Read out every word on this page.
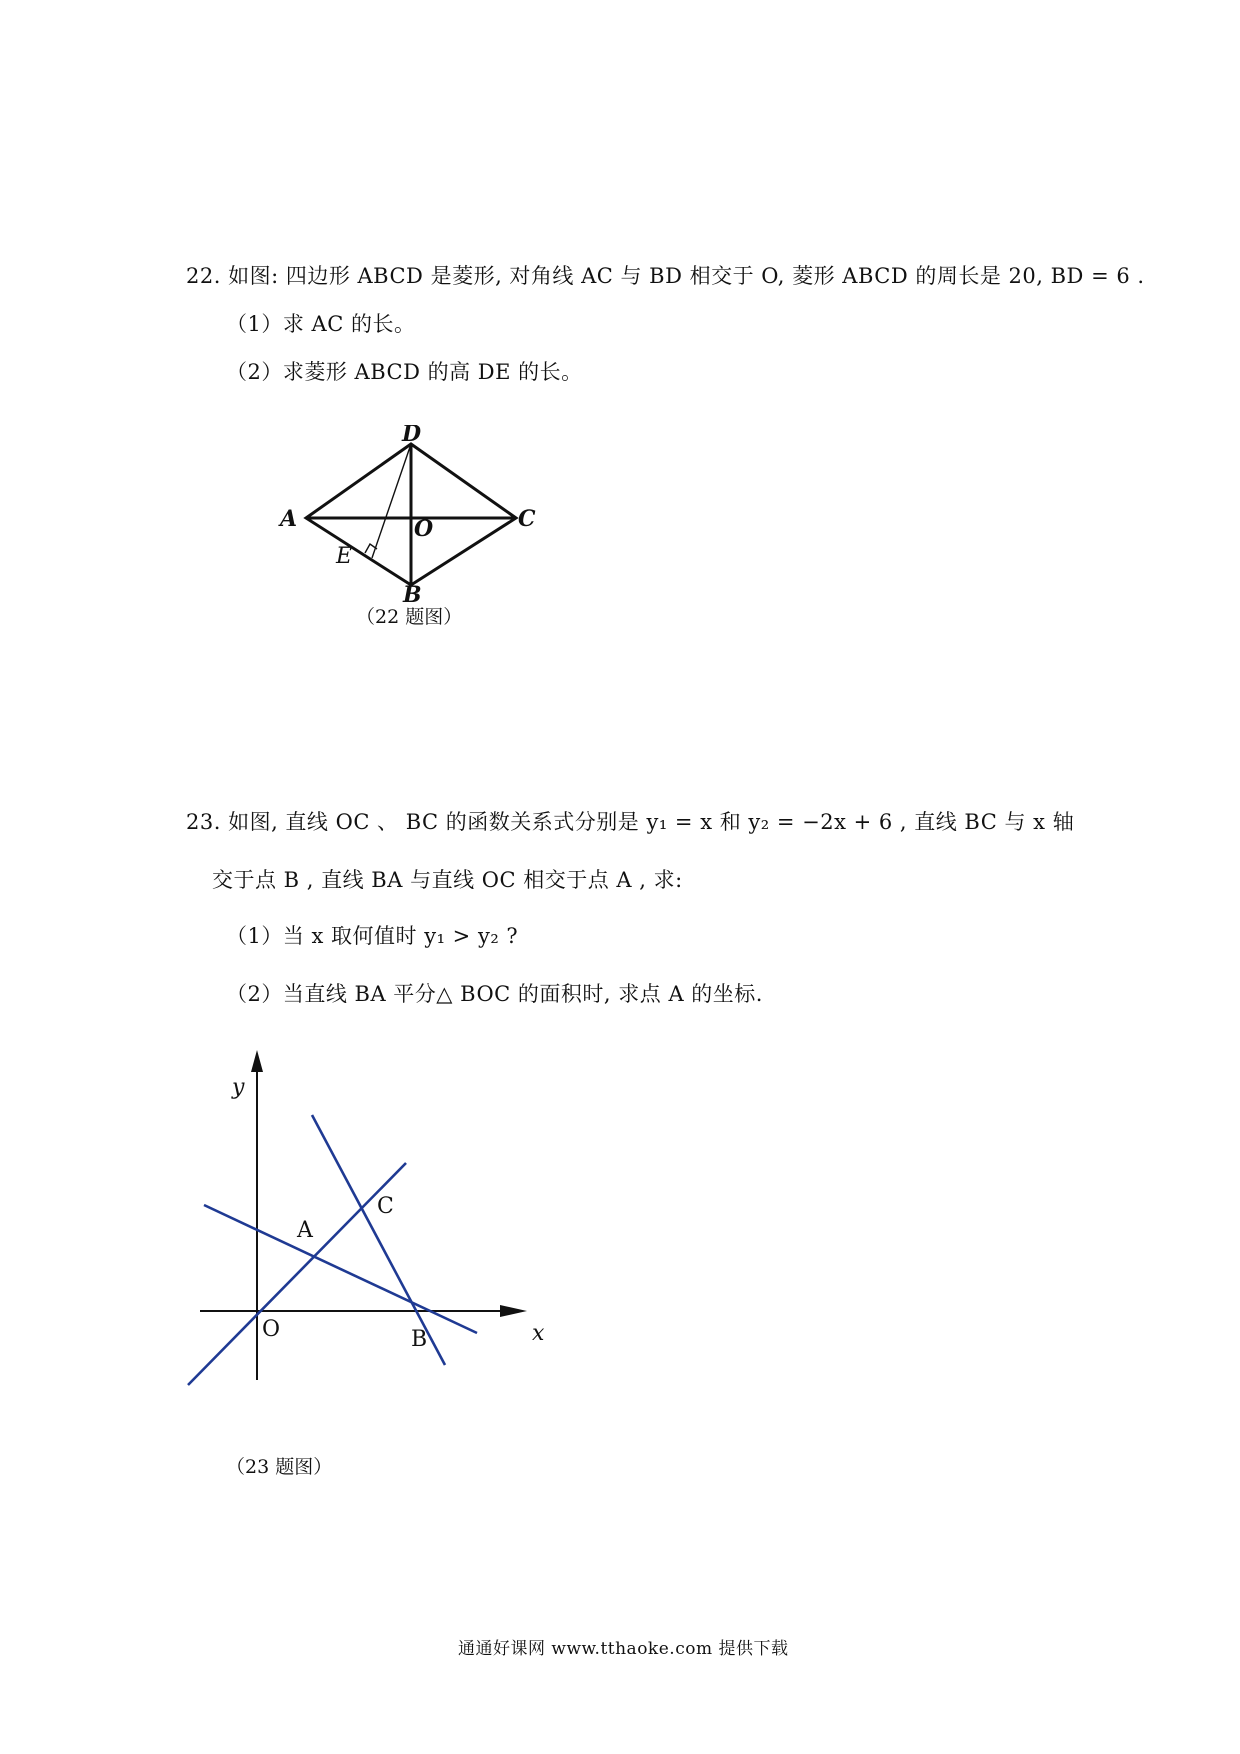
22. 如图: 四边形 ABCD 是菱形, 对角线 AC 与 BD 相交于 O, 菱形 ABCD 的周长是 20, BD = 6 .
（1）求 AC 的长。
（2）求菱形 ABCD 的高 DE 的长。
D
A	O	C
B
E
（22 题图）
23. 如图, 直线 OC 、 BC 的函数关系式分别是 y₁ = x 和 y₂ = −2x + 6 , 直线 BC 与 x 轴
交于点 B , 直线 BA 与直线 OC 相交于点 A , 求:
（1）当 x 取何值时 y₁ > y₂ ?
（2）当直线 BA 平分△ BOC 的面积时, 求点 A 的坐标.
y
x
O
A
B
C
（23 题图）
通通好课网 www.tthaoke.com 提供下载
